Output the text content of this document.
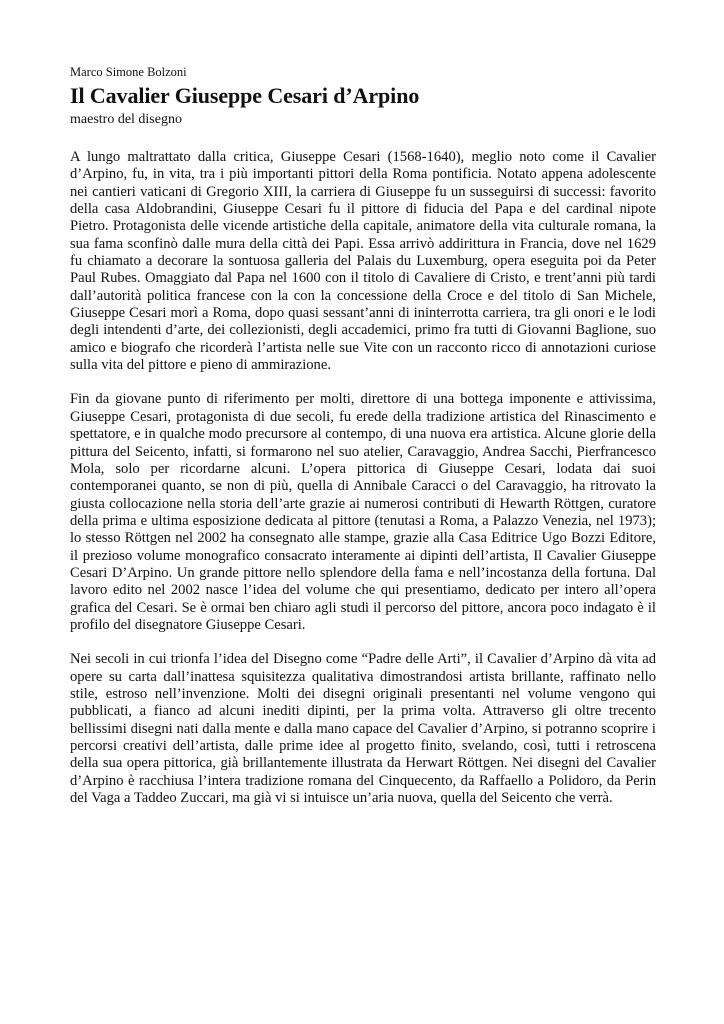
Marco Simone Bolzoni

Il Cavalier Giuseppe Cesari d’Arpino

maestro del disegno

A lungo maltrattato dalla critica, Giuseppe Cesari (1568-1640), meglio noto come il Cavalier d’Arpino, fu, in vita, tra i più importanti pittori della Roma pontificia. Notato appena adolescente nei cantieri vaticani di Gregorio XIII, la carriera di Giuseppe fu un susseguirsi di successi: favorito della casa Aldobrandini, Giuseppe Cesari fu il pittore di fiducia del Papa e del cardinal nipote Pietro. Protagonista delle vicende artistiche della capitale, animatore della vita culturale romana, la sua fama sconfinò dalle mura della città dei Papi. Essa arrivò addirittura in Francia, dove nel 1629 fu chiamato a decorare la sontuosa galleria del Palais du Luxemburg, opera eseguita poi da Peter Paul Rubes. Omaggiato dal Papa nel 1600 con il titolo di Cavaliere di Cristo, e trent’anni più tardi dall’autorità politica francese con la con la concessione della Croce e del titolo di San Michele, Giuseppe Cesari morì a Roma, dopo quasi sessant’anni di ininterrotta carriera, tra gli onori e le lodi degli intendenti d’arte, dei collezionisti, degli accademici, primo fra tutti di Giovanni Baglione, suo amico e biografo che ricorderà l’artista nelle sue Vite con un racconto ricco di annotazioni curiose sulla vita del pittore e pieno di ammirazione.

Fin da giovane punto di riferimento per molti, direttore di una bottega imponente e attivissima, Giuseppe Cesari, protagonista di due secoli, fu erede della tradizione artistica del Rinascimento e spettatore, e in qualche modo precursore al contempo, di una nuova era artistica. Alcune glorie della pittura del Seicento, infatti, si formarono nel suo atelier, Caravaggio, Andrea Sacchi, Pierfrancesco Mola, solo per ricordarne alcuni. L’opera pittorica di Giuseppe Cesari, lodata dai suoi contemporanei quanto, se non di più, quella di Annibale Caracci o del Caravaggio, ha ritrovato la giusta collocazione nella storia dell’arte grazie ai numerosi contributi di Hewarth Röttgen, curatore della prima e ultima esposizione dedicata al pittore (tenutasi a Roma, a Palazzo Venezia, nel 1973); lo stesso Röttgen nel 2002 ha consegnato alle stampe, grazie alla Casa Editrice Ugo Bozzi Editore, il prezioso volume monografico consacrato interamente ai dipinti dell’artista, Il Cavalier Giuseppe Cesari D’Arpino. Un grande pittore nello splendore della fama e nell’incostanza della fortuna. Dal lavoro edito nel 2002 nasce l’idea del volume che qui presentiamo, dedicato per intero all’opera grafica del Cesari. Se è ormai ben chiaro agli studi il percorso del pittore, ancora poco indagato è il profilo del disegnatore Giuseppe Cesari.

Nei secoli in cui trionfa l’idea del Disegno come “Padre delle Arti”, il Cavalier d’Arpino dà vita ad opere su carta dall’inattesa squisitezza qualitativa dimostrandosi artista brillante, raffinato nello stile, estroso nell’invenzione. Molti dei disegni originali presentanti nel volume vengono qui pubblicati, a fianco ad alcuni inediti dipinti, per la prima volta. Attraverso gli oltre trecento bellissimi disegni nati dalla mente e dalla mano capace del Cavalier d’Arpino, si potranno scoprire i percorsi creativi dell’artista, dalle prime idee al progetto finito, svelando, così, tutti i retroscena della sua opera pittorica, già brillantemente illustrata da Herwart Röttgen. Nei disegni del Cavalier d’Arpino è racchiusa l’intera tradizione romana del Cinquecento, da Raffaello a Polidoro, da Perin del Vaga a Taddeo Zuccari, ma già vi si intuisce un’aria nuova, quella del Seicento che verrà.
